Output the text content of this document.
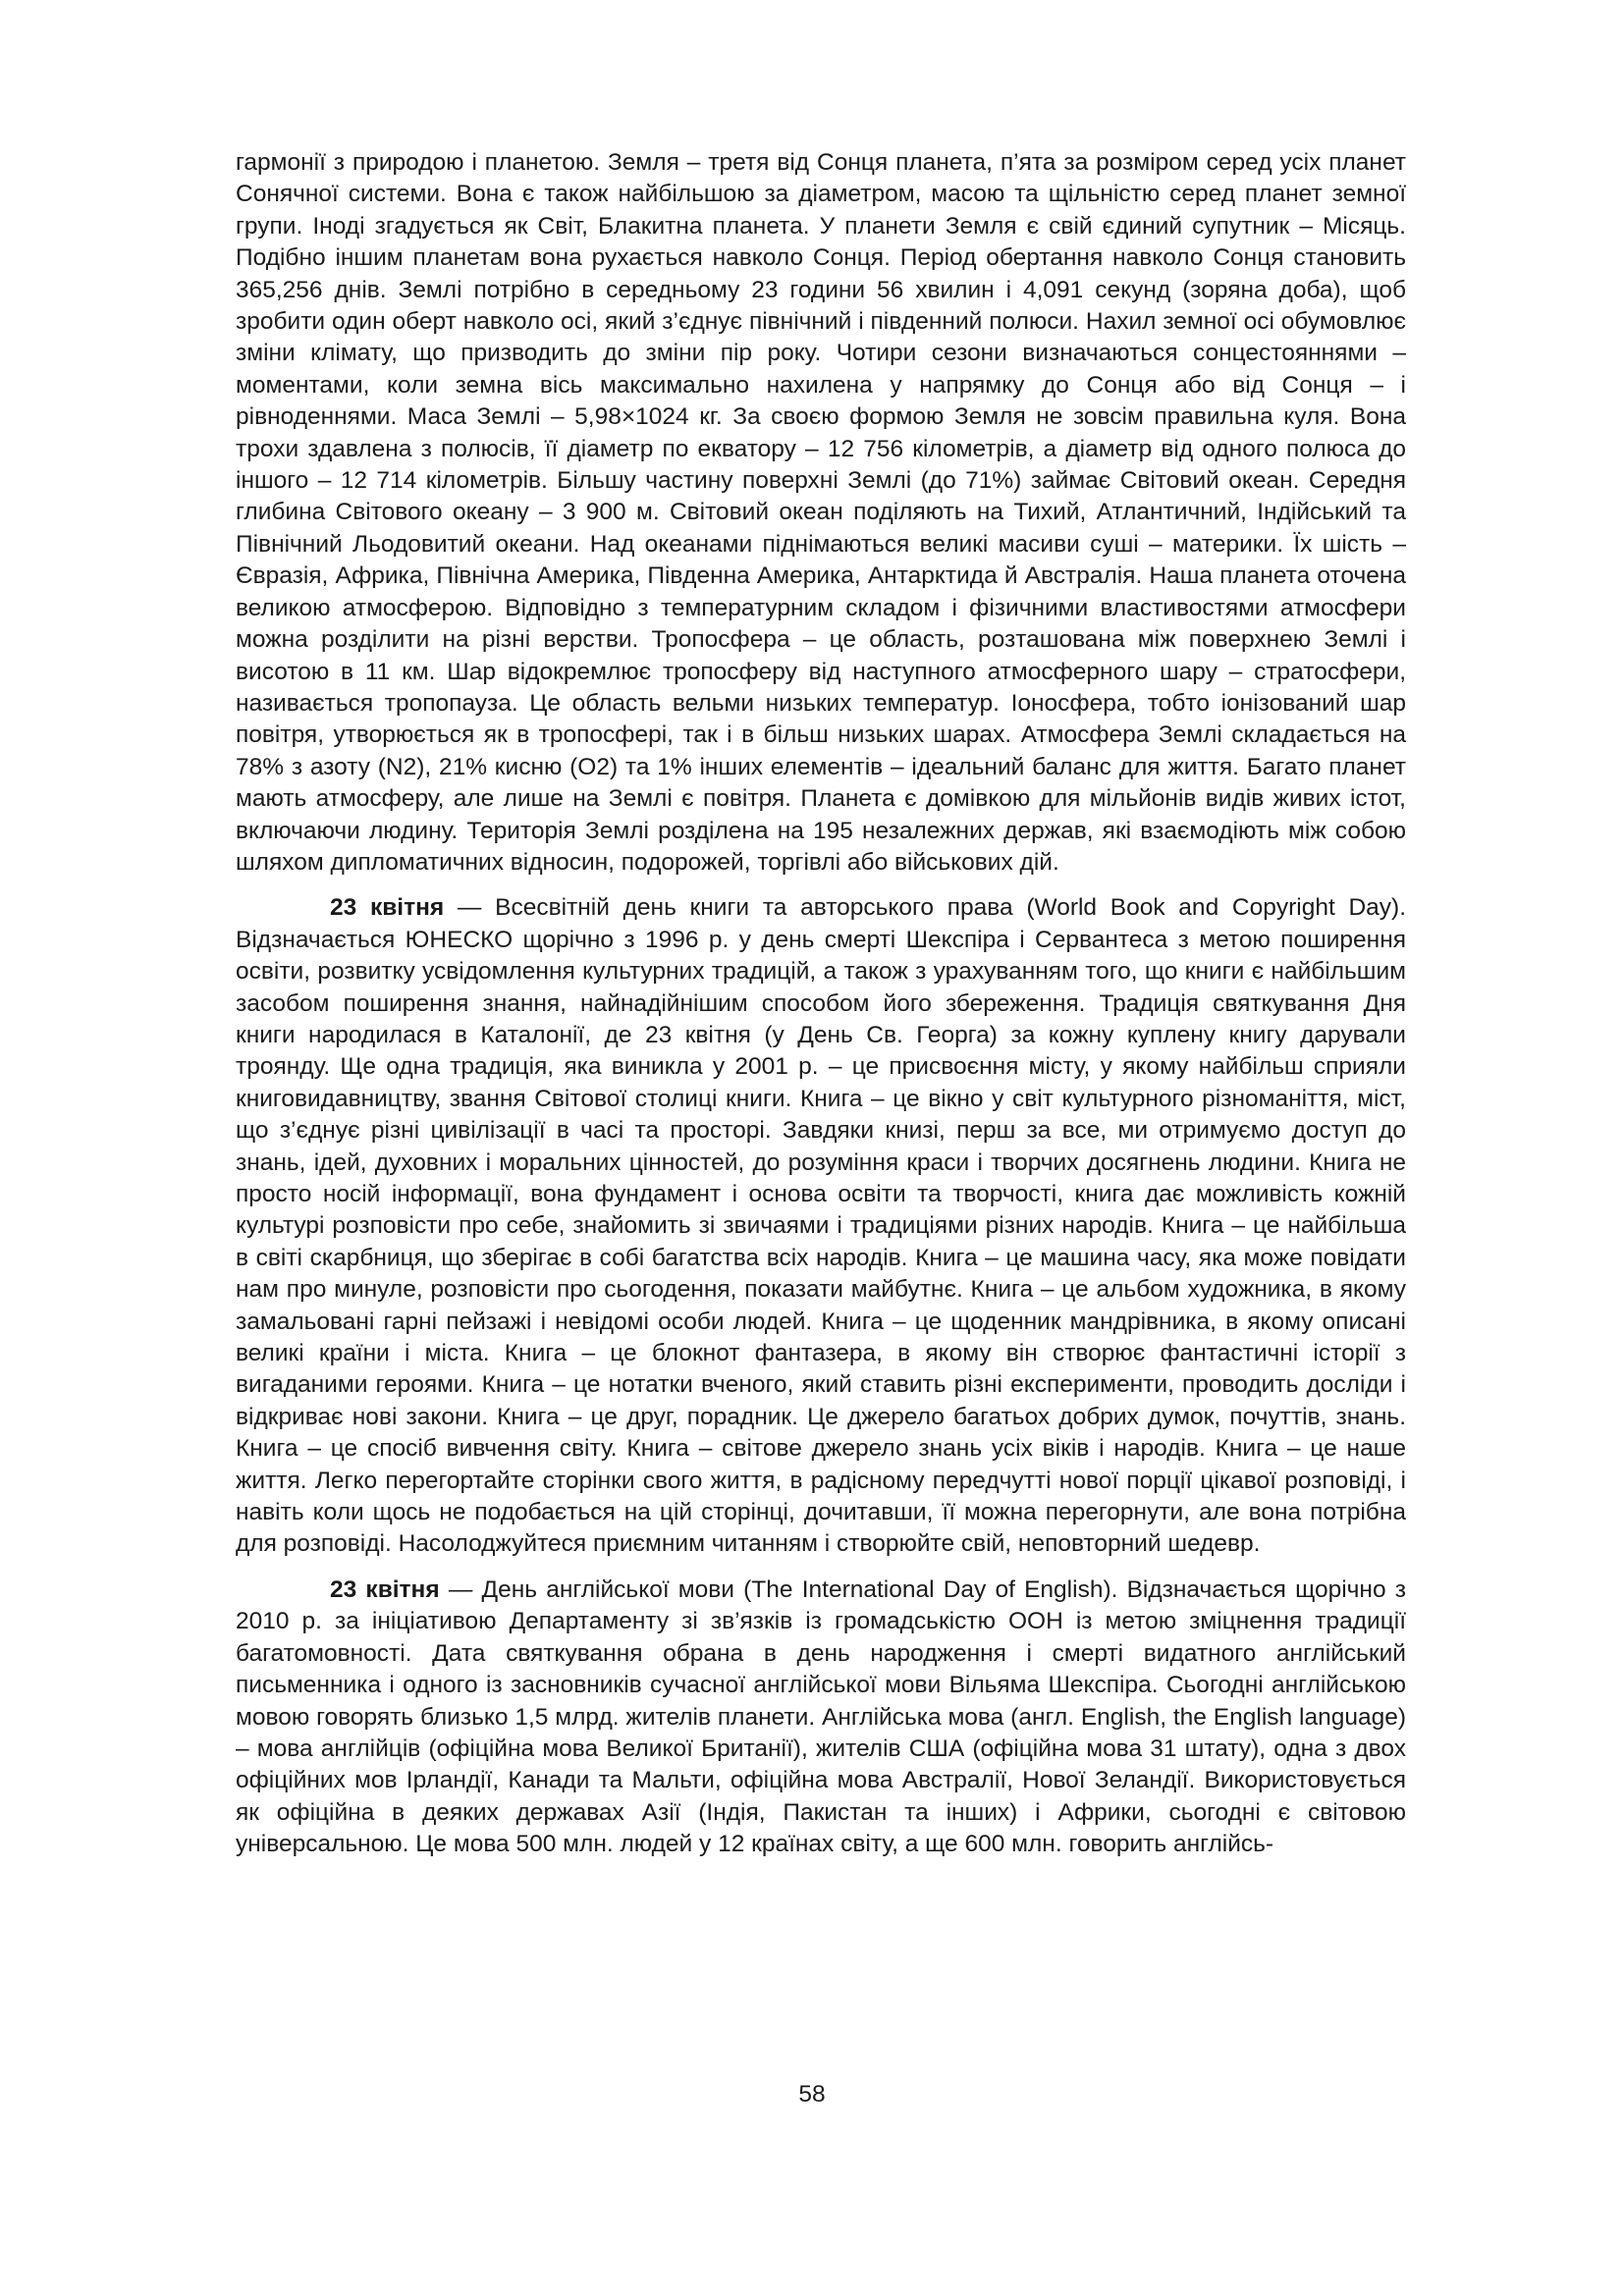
гармонії з природою і планетою. Земля – третя від Сонця планета, п’ята за розміром серед усіх планет Сонячної системи. Вона є також найбільшою за діаметром, масою та щільністю серед планет земної групи. Іноді згадується як Світ, Блакитна планета. У планети Земля є свій єдиний супутник – Місяць. Подібно іншим планетам вона рухається навколо Сонця. Період обертання навколо Сонця становить 365,256 днів. Землі потрібно в середньому 23 години 56 хвилин і 4,091 секунд (зоряна доба), щоб зробити один оберт навколо осі, який з’єднує північний і південний полюси. Нахил земної осі обумовлює зміни клімату, що призводить до зміни пір року. Чотири сезони визначаються сонцестояннями – моментами, коли земна вісь максимально нахилена у напрямку до Сонця або від Сонця – і рівноденнями. Маса Землі – 5,98×1024 кг. За своєю формою Земля не зовсім правильна куля. Вона трохи здавлена з полюсів, її діаметр по екватору – 12 756 кілометрів, а діаметр від одного полюса до іншого – 12 714 кілометрів. Більшу частину поверхні Землі (до 71%) займає Світовий океан. Середня глибина Світового океану – 3 900 м. Світовий океан поділяють на Тихий, Атлантичний, Індійський та Північний Льодовитий океани. Над океанами піднімаються великі масиви суші – материки. Їх шість – Євразія, Африка, Північна Америка, Південна Америка, Антарктида й Австралія. Наша планета оточена великою атмосферою. Відповідно з температурним складом і фізичними властивостями атмосфери можна розділити на різні верстви. Тропосфера – це область, розташована між поверхнею Землі і висотою в 11 км. Шар відокремлює тропосферу від наступного атмосферного шару – стратосфери, називається тропопауза. Це область вельми низьких температур. Іоносфера, тобто іонізований шар повітря, утворюється як в тропосфері, так і в більш низьких шарах. Атмосфера Землі складається на 78% з азоту (N2), 21% кисню (O2) та 1% інших елементів – ідеальний баланс для життя. Багато планет мають атмосферу, але лише на Землі є повітря. Планета є домівкою для мільйонів видів живих істот, включаючи людину. Територія Землі розділена на 195 незалежних держав, які взаємодіють між собою шляхом дипломатичних відносин, подорожей, торгівлі або військових дій.

23 квітня — Всесвітній день книги та авторського права (World Book and Copyright Day). Відзначається ЮНЕСКО щорічно з 1996 р. у день смерті Шекспіра і Сервантеса з метою поширення освіти, розвитку усвідомлення культурних традицій, а також з урахуванням того, що книги є найбільшим засобом поширення знання, найнадійнішим способом його збереження. Традиція святкування Дня книги народилася в Каталонії, де 23 квітня (у День Св. Георга) за кожну куплену книгу дарували троянду. Ще одна традиція, яка виникла у 2001 р. – це присвоєння місту, у якому найбільш сприяли книговидавництву, звання Світової столиці книги. Книга – це вікно у світ культурного різноманіття, міст, що з’єднує різні цивілізації в часі та просторі. Завдяки книзі, перш за все, ми отримуємо доступ до знань, ідей, духовних і моральних цінностей, до розуміння краси і творчих досягнень людини. Книга не просто носій інформації, вона фундамент і основа освіти та творчості, книга дає можливість кожній культурі розповісти про себе, знайомить зі звичаями і традиціями різних народів. Книга – це найбільша в світі скарбниця, що зберігає в собі багатства всіх народів. Книга – це машина часу, яка може повідати нам про минуле, розповісти про сьогодення, показати майбутнє. Книга – це альбом художника, в якому замальовані гарні пейзажі і невідомі особи людей. Книга – це щоденник мандрівника, в якому описані великі країни і міста. Книга – це блокнот фантазера, в якому він створює фантастичні історії з вигаданими героями. Книга – це нотатки вченого, який ставить різні експерименти, проводить досліди і відкриває нові закони. Книга – це друг, порадник. Це джерело багатьох добрих думок, почуттів, знань. Книга – це спосіб вивчення світу. Книга – світове джерело знань усіх віків і народів. Книга – це наше життя. Легко перегортайте сторінки свого життя, в радісному передчутті нової порції цікавої розповіді, і навіть коли щось не подобається на цій сторінці, дочитавши, її можна перегорнути, але вона потрібна для розповіді. Насолоджуйтеся приємним читанням і створюйте свій, неповторний шедевр.

23 квітня — День англійської мови (The International Day of English). Відзначається щорічно з 2010 р. за ініціативою Департаменту зі зв’язків із громадськістю ООН із метою зміцнення традиції багатомовності. Дата святкування обрана в день народження і смерті видатного англійський письменника і одного із засновників сучасної англійської мови Вільяма Шекспіра. Сьогодні англійською мовою говорять близько 1,5 млрд. жителів планети. Англійська мова (англ. English, the English language) – мова англійців (офіційна мова Великої Британії), жителів США (офіційна мова 31 штату), одна з двох офіційних мов Ірландії, Канади та Мальти, офіційна мова Австралії, Нової Зеландії. Використовується як офіційна в деяких державах Азії (Індія, Пакистан та інших) і Африки, сьогодні є світовою універсальною. Це мова 500 млн. людей у 12 країнах світу, а ще 600 млн. говорить англійсь-

58
